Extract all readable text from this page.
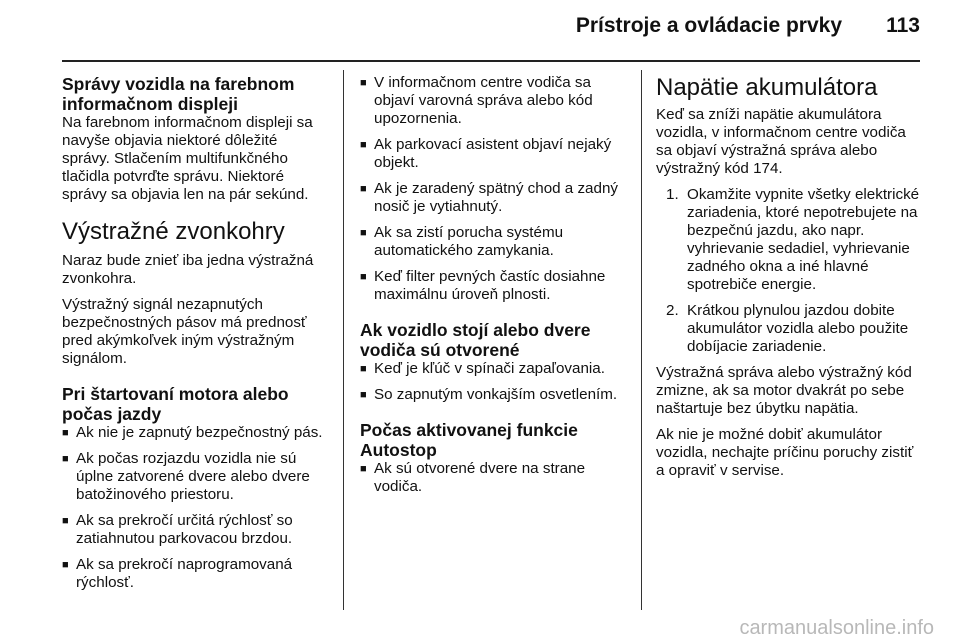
Prístroje a ovládacie prvky 113
Správy vozidla na farebnom informačnom displeji

Na farebnom informačnom displeji sa navyše objavia niektoré dôležité správy. Stlačením multifunkčného tlačidla potvrďte správu. Niektoré správy sa objavia len na pár sekúnd.

Výstražné zvonkohry

Naraz bude znieť iba jedna výstražná zvonkohra.

Výstražný signál nezapnutých bezpečnostných pásov má prednosť pred akýmkoľvek iným výstražným signálom.

Pri štartovaní motora alebo počas jazdy
■ Ak nie je zapnutý bezpečnostný pás.
■ Ak počas rozjazdu vozidla nie sú úplne zatvorené dvere alebo dvere batožinového priestoru.
■ Ak sa prekročí určitá rýchlosť so zatiahnutou parkovacou brzdou.
■ Ak sa prekročí naprogramovaná rýchlosť.
■ V informačnom centre vodiča sa objaví varovná správa alebo kód upozornenia.
■ Ak parkovací asistent objaví nejaký objekt.
■ Ak je zaradený spätný chod a zadný nosič je vytiahnutý.
■ Ak sa zistí porucha systému automatického zamykania.
■ Keď filter pevných častíc dosiahne maximálnu úroveň plnosti.
Ak vozidlo stojí alebo dvere vodiča sú otvorené
■ Keď je kľúč v spínači zapaľovania.
■ So zapnutým vonkajším osvetlením.
Počas aktivovanej funkcie Autostop
■ Ak sú otvorené dvere na strane vodiča.
Napätie akumulátora

Keď sa zníži napätie akumulátora vozidla, v informačnom centre vodiča sa objaví výstražná správa alebo výstražný kód 174.

1. Okamžite vypnite všetky elektrické zariadenia, ktoré nepotrebujete na bezpečnú jazdu, ako napr. vyhrievanie sedadiel, vyhrievanie zadného okna a iné hlavné spotrebiče energie.
2. Krátkou plynulou jazdou dobite akumulátor vozidla alebo použite dobíjacie zariadenie.

Výstražná správa alebo výstražný kód zmizne, ak sa motor dvakrát po sebe naštartuje bez úbytku napätia.

Ak nie je možné dobiť akumulátor vozidla, nechajte príčinu poruchy zistiť a opraviť v servise.

carmanualsonline.info
